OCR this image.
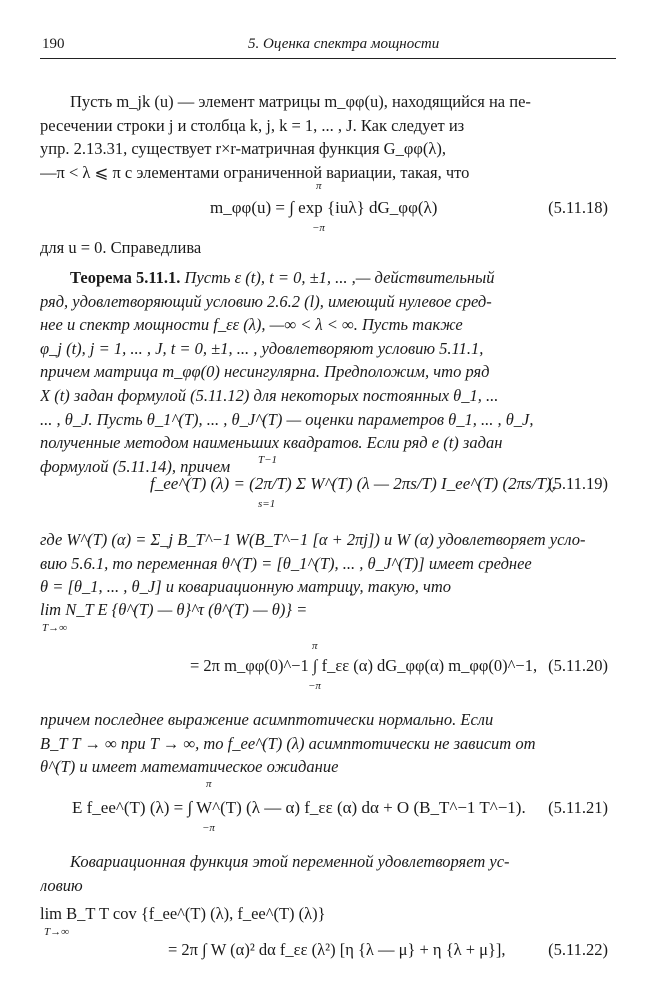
190	5. Оценка спектра мощности
Пусть m_jk (u) — элемент матрицы m_φφ(u), находящийся на пе-
ресечении строки j и столбца k, j, k = 1, ... , J. Как следует из
упр. 2.13.31, существует r×r-матричная функция G_φφ(λ),
—π < λ ⩽ π с элементами ограниченной вариации, такая, что
π
m_φφ(u) = ∫ exp {iuλ} dG_φφ(λ)
−π
(5.11.18)
для u = 0. Справедлива
Теорема 5.11.1. Пусть ε (t), t = 0, ±1, ... ,— действительный
ряд, удовлетворяющий условию 2.6.2 (l), имеющий нулевое сред-
нее и спектр мощности f_εε (λ), —∞ < λ < ∞. Пусть также
φ_j (t), j = 1, ... , J, t = 0, ±1, ... , удовлетворяют условию 5.11.1,
причем матрица m_φφ(0) несингулярна. Предположим, что ряд
X (t) задан формулой (5.11.12) для некоторых постоянных θ_1, ...
... , θ_J. Пусть θ_1^(T), ... , θ_J^(T) — оценки параметров θ_1, ... , θ_J,
полученные методом наименьших квадратов. Если ряд e (t) задан
формулой (5.11.14), причем	T−1
f_ee^(T) (λ) = (2π/T) Σ W^(T) (λ — 2πs/T) I_ee^(T) (2πs/T),
s=1
(5.11.19)
где W^(T) (α) = Σ_j B_T^−1 W(B_T^−1 [α + 2πj]) и W (α) удовлетворяет усло-
вию 5.6.1, то переменная θ^(T) = [θ_1^(T), ... , θ_J^(T)] имеет среднее
θ = [θ_1, ... , θ_J] и ковариационную матрицу, такую, что
lim N_T E {θ^(T) — θ}^τ (θ^(T) — θ)} =
T→∞
π
= 2π m_φφ(0)^−1 ∫ f_εε (α) dG_φφ(α) m_φφ(0)^−1,
−π
(5.11.20)
причем последнее выражение асимптотически нормально. Если
B_T T → ∞ при T → ∞, то f_ee^(T) (λ) асимптотически не зависит от
θ^(T) и имеет математическое ожидание
π
E f_ee^(T) (λ) = ∫ W^(T) (λ — α) f_εε (α) dα + O (B_T^−1 T^−1).
−π
(5.11.21)
Ковариационная функция этой переменной удовлетворяет ус-
ловию
lim B_T T cov {f_ee^(T) (λ), f_ee^(T) (λ)}
T→∞
= 2π ∫ W (α)² dα f_εε (λ²) [η {λ — μ} + η {λ + μ}],	(5.11.22)
